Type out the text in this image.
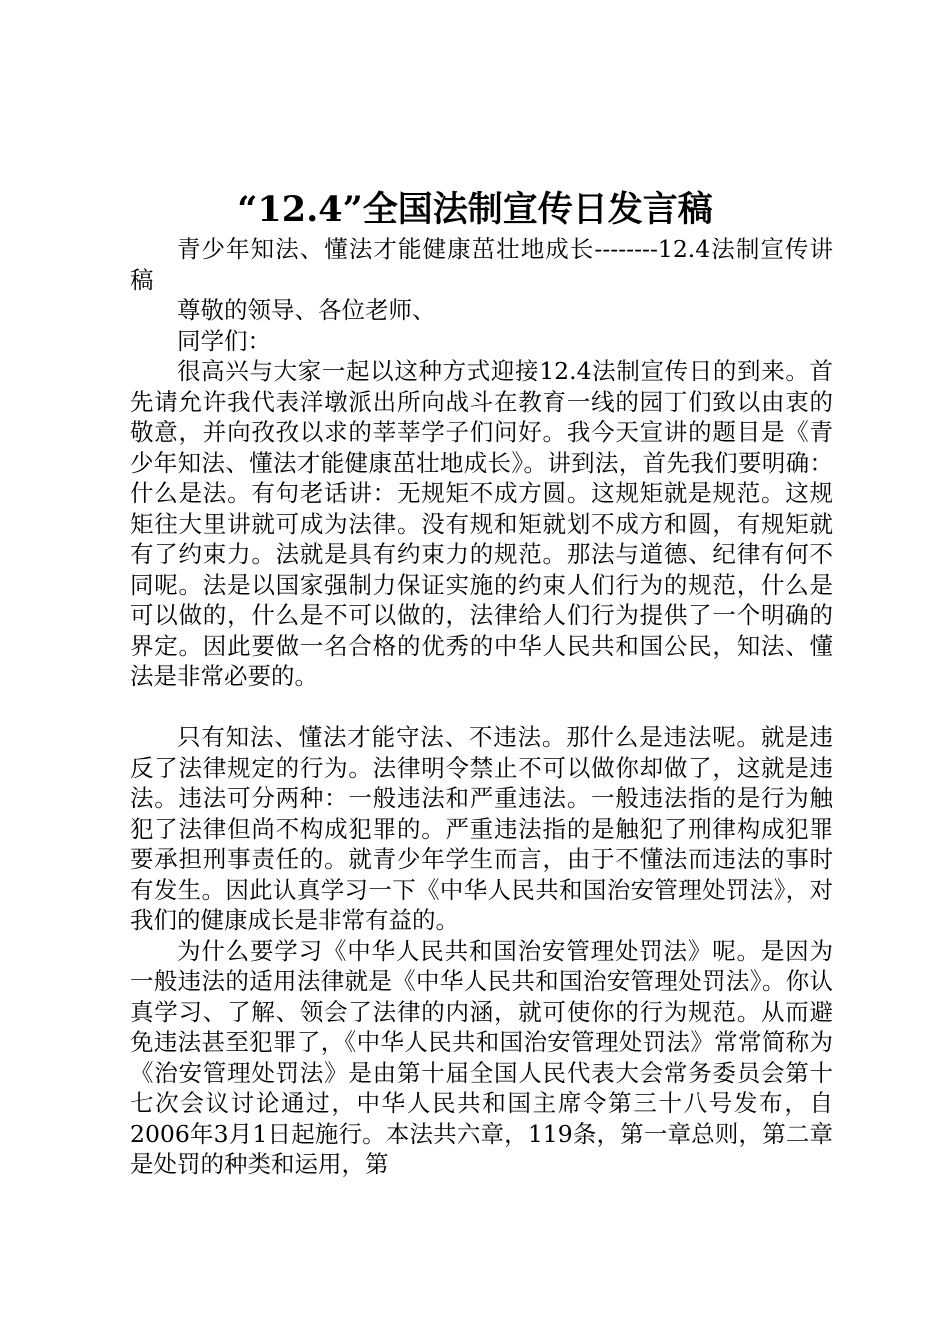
“12.4”全国法制宣传日发言稿

青少年知法、懂法才能健康茁壮地成长--------12.4法制宣传讲稿

尊敬的领导、各位老师、

同学们：

很高兴与大家一起以这种方式迎接12.4法制宣传日的到来。首先请允许我代表洋墩派出所向战斗在教育一线的园丁们致以由衷的敬意，并向孜孜以求的莘莘学子们问好。我今天宣讲的题目是《青少年知法、懂法才能健康茁壮地成长》。讲到法，首先我们要明确：什么是法。有句老话讲：无规矩不成方圆。这规矩就是规范。这规矩往大里讲就可成为法律。没有规和矩就划不成方和圆，有规矩就有了约束力。法就是具有约束力的规范。那法与道德、纪律有何不同呢。法是以国家强制力保证实施的约束人们行为的规范，什么是可以做的，什么是不可以做的，法律给人们行为提供了一个明确的界定。因此要做一名合格的优秀的中华人民共和国公民，知法、懂法是非常必要的。

只有知法、懂法才能守法、不违法。那什么是违法呢。就是违反了法律规定的行为。法律明令禁止不可以做你却做了，这就是违法。违法可分两种：一般违法和严重违法。一般违法指的是行为触犯了法律但尚不构成犯罪的。严重违法指的是触犯了刑律构成犯罪要承担刑事责任的。就青少年学生而言，由于不懂法而违法的事时有发生。因此认真学习一下《中华人民共和国治安管理处罚法》，对我们的健康成长是非常有益的。

为什么要学习《中华人民共和国治安管理处罚法》呢。是因为一般违法的适用法律就是《中华人民共和国治安管理处罚法》。你认真学习、了解、领会了法律的内涵，就可使你的行为规范。从而避免违法甚至犯罪了，《中华人民共和国治安管理处罚法》常常简称为《治安管理处罚法》是由第十届全国人民代表大会常务委员会第十七次会议讨论通过，中华人民共和国主席令第三十八号发布，自2006年3月1日起施行。本法共六章，119条，第一章总则，第二章是处罚的种类和运用，第
